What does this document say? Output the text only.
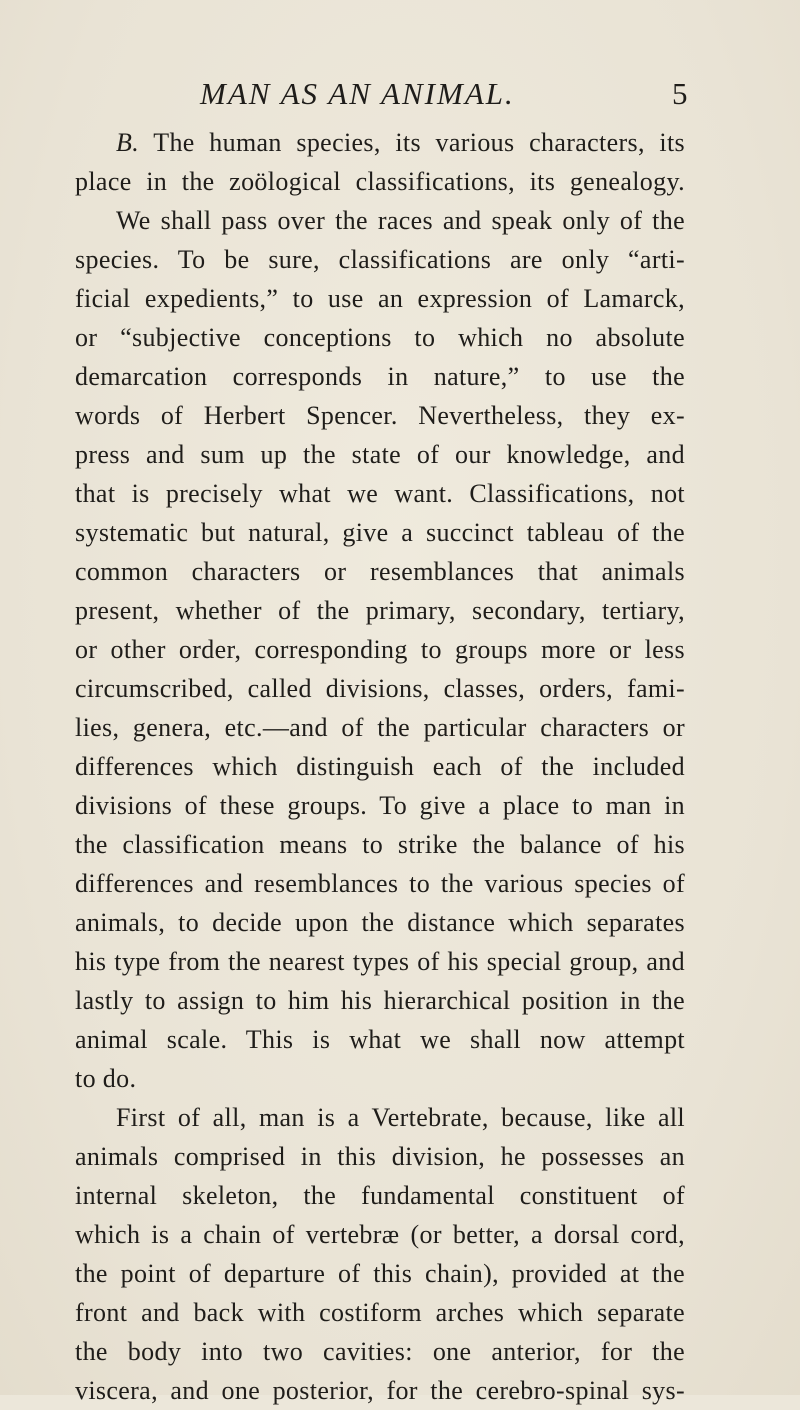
MAN AS AN ANIMAL.	5
B. The human species, its various characters, its
place in the zoölogical classifications, its genealogy.
We shall pass over the races and speak only of the
species. To be sure, classifications are only “arti-
ficial expedients,” to use an expression of Lamarck,
or “subjective conceptions to which no absolute
demarcation corresponds in nature,” to use the
words of Herbert Spencer. Nevertheless, they ex-
press and sum up the state of our knowledge, and
that is precisely what we want. Classifications, not
systematic but natural, give a succinct tableau of the
common characters or resemblances that animals
present, whether of the primary, secondary, tertiary,
or other order, corresponding to groups more or less
circumscribed, called divisions, classes, orders, fami-
lies, genera, etc.—and of the particular characters or
differences which distinguish each of the included
divisions of these groups. To give a place to man in
the classification means to strike the balance of his
differences and resemblances to the various species of
animals, to decide upon the distance which separates
his type from the nearest types of his special group, and
lastly to assign to him his hierarchical position in the
animal scale. This is what we shall now attempt
to do.
First of all, man is a Vertebrate, because, like all
animals comprised in this division, he possesses an
internal skeleton, the fundamental constituent of
which is a chain of vertebræ (or better, a dorsal cord,
the point of departure of this chain), provided at the
front and back with costiform arches which separate
the body into two cavities: one anterior, for the
viscera, and one posterior, for the cerebro-spinal sys-
